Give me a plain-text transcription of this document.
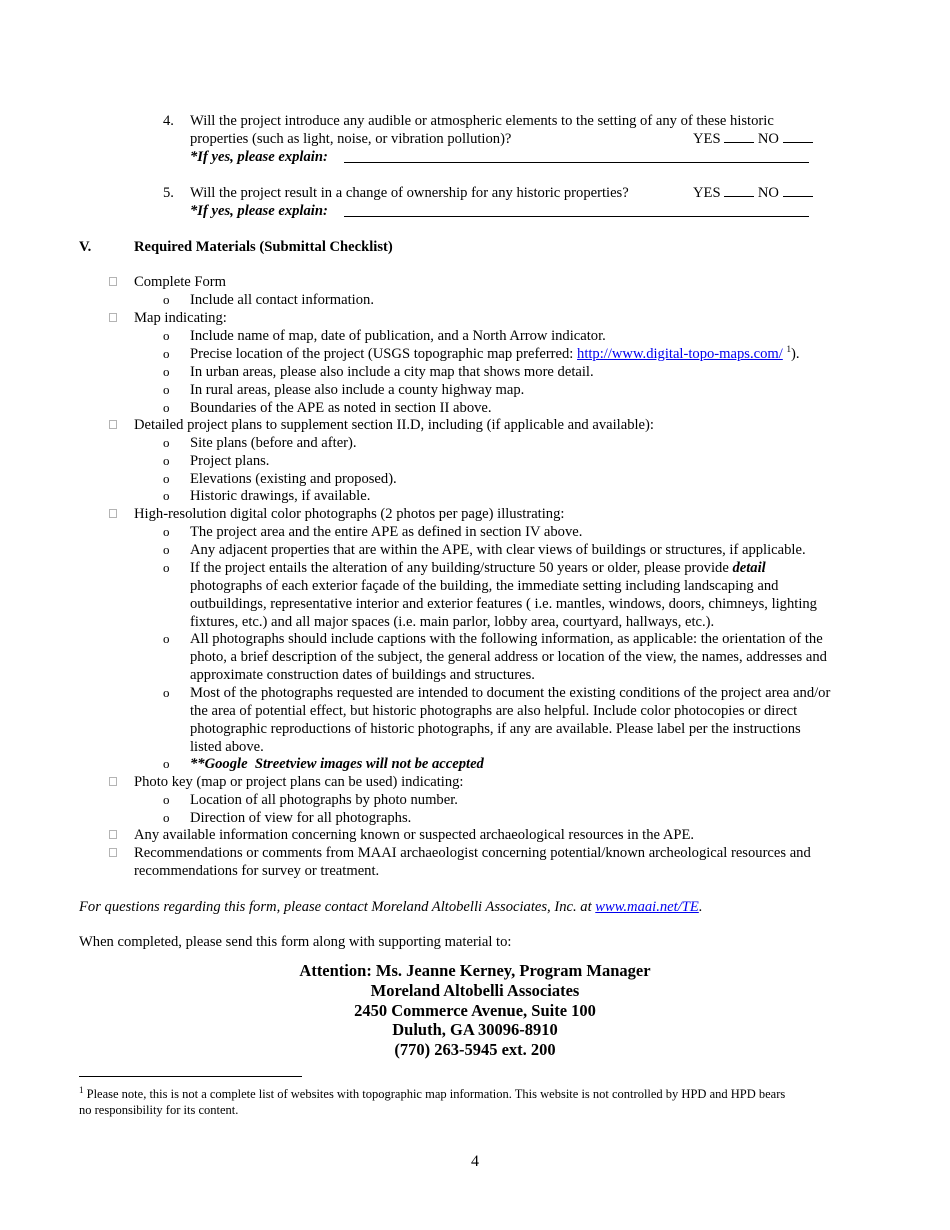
4. Will the project introduce any audible or atmospheric elements to the setting of any of these historic
properties (such as light, noise, or vibration pollution)?	YES	NO
*If yes, please explain:
5. Will the project result in a change of ownership for any historic properties?	YES	NO
*If yes, please explain:
V.	Required Materials (Submittal Checklist)
Complete Form
o Include all contact information.
Map indicating:
o Include name of map, date of publication, and a North Arrow indicator.
o Precise location of the project (USGS topographic map preferred: http://www.digital-topo-maps.com/ $^1$).
o In urban areas, please also include a city map that shows more detail.
o In rural areas, please also include a county highway map.
o Boundaries of the APE as noted in section II above.
Detailed project plans to supplement section II.D, including (if applicable and available):
o Site plans (before and after).
o Project plans.
o Elevations (existing and proposed).
o Historic drawings, if available.
High-resolution digital color photographs (2 photos per page) illustrating:
o The project area and the entire APE as defined in section IV above.
o Any adjacent properties that are within the APE, with clear views of buildings or structures, if applicable.
o If the project entails the alteration of any building/structure 50 years or older, please provide detail
photographs of each exterior façade of the building, the immediate setting including landscaping and
outbuildings, representative interior and exterior features ( i.e. mantles, windows, doors, chimneys, lighting
fixtures, etc.) and all major spaces (i.e. main parlor, lobby area, courtyard, hallways, etc.).
o All photographs should include captions with the following information, as applicable: the orientation of the
photo, a brief description of the subject, the general address or location of the view, the names, addresses and
approximate construction dates of buildings and structures.
o Most of the photographs requested are intended to document the existing conditions of the project area and/or
the area of potential effect, but historic photographs are also helpful. Include color photocopies or direct
photographic reproductions of historic photographs, if any are available. Please label per the instructions
listed above.
o **Google  Streetview images will not be accepted
Photo key (map or project plans can be used) indicating:
o Location of all photographs by photo number.
o Direction of view for all photographs.
Any available information concerning known or suspected archaeological resources in the APE.
Recommendations or comments from MAAI archaeologist concerning potential/known archeological resources and
recommendations for survey or treatment.
For questions regarding this form, please contact Moreland Altobelli Associates, Inc. at www.maai.net/TE.
When completed, please send this form along with supporting material to:
Attention: Ms. Jeanne Kerney, Program Manager
Moreland Altobelli Associates
2450 Commerce Avenue, Suite 100
Duluth, GA 30096-8910
(770) 263-5945 ext. 200
$^1$ Please note, this is not a complete list of websites with topographic map information. This website is not controlled by HPD and HPD bears
no responsibility for its content.
4
